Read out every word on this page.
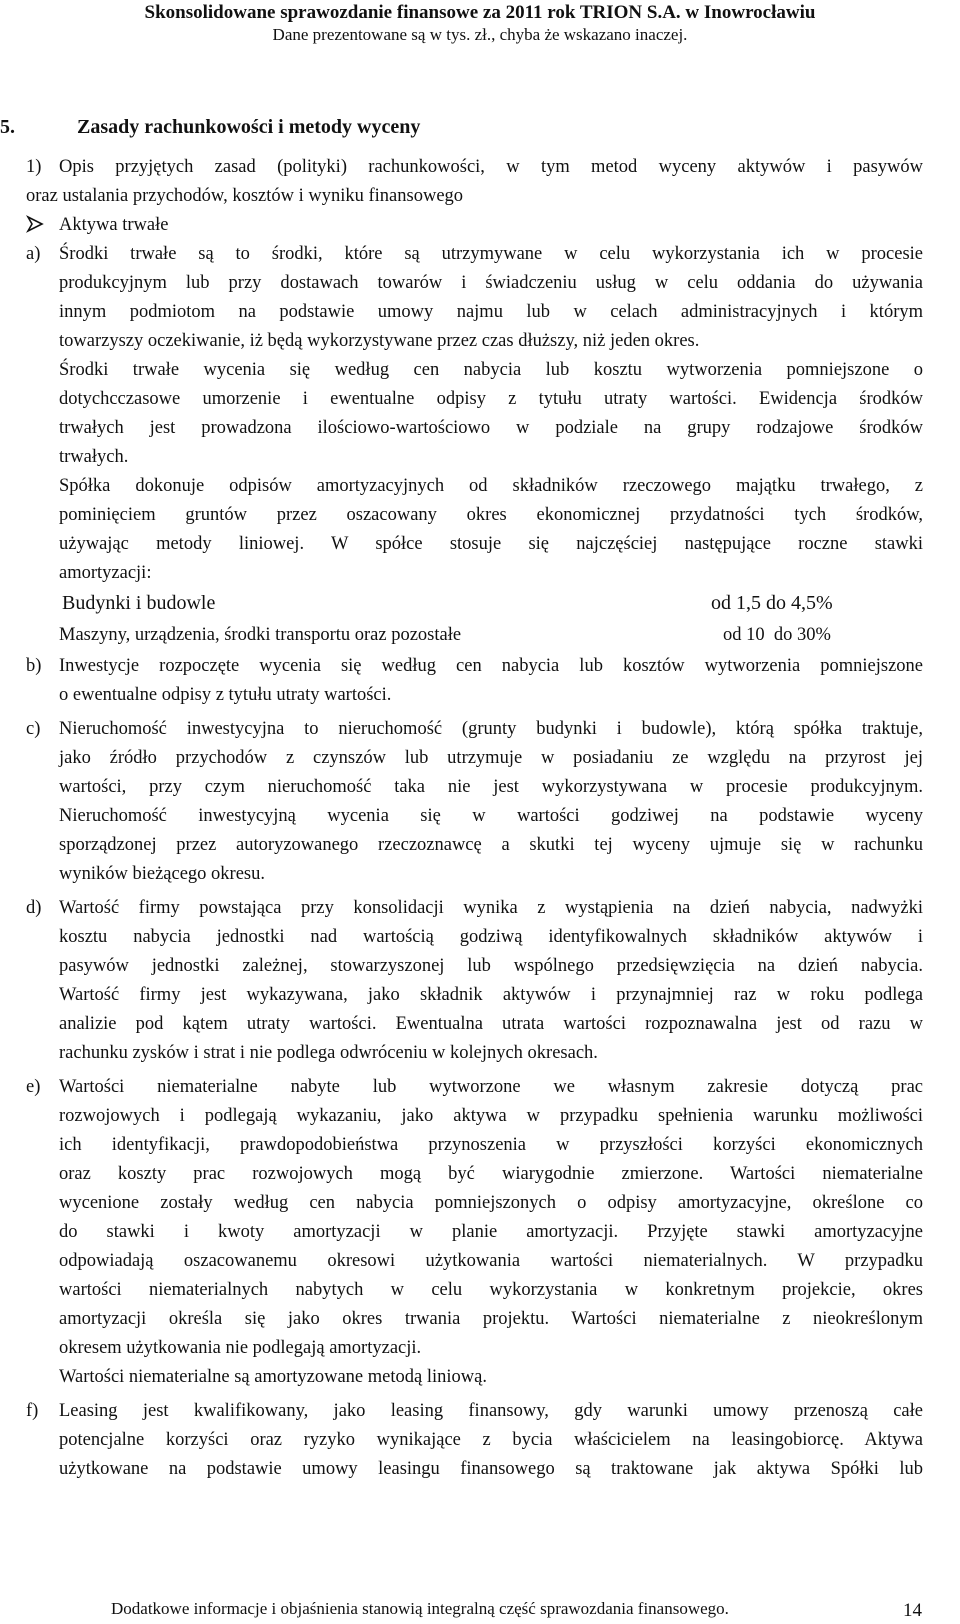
Skonsolidowane sprawozdanie finansowe za 2011 rok TRION S.A. w Inowrocławiu
Dane prezentowane są w tys. zł., chyba że wskazano inaczej.
5.	Zasady rachunkowości i metody wyceny
1) Opis przyjętych zasad (polityki) rachunkowości, w tym metod wyceny aktywów i pasywów
oraz ustalania przychodów, kosztów i wyniku finansowego
Aktywa trwałe
a) Środki trwałe są to środki, które są utrzymywane w celu wykorzystania ich w procesie
produkcyjnym lub przy dostawach towarów i świadczeniu usług w celu oddania do używania
innym podmiotom na podstawie umowy najmu lub w celach administracyjnych i którym
towarzyszy oczekiwanie, iż będą wykorzystywane przez czas dłuższy, niż jeden okres.
Środki trwałe wycenia się według cen nabycia lub kosztu wytworzenia pomniejszone o
dotychcczasowe umorzenie i ewentualne odpisy z tytułu utraty wartości. Ewidencja środków
trwałych jest prowadzona ilościowo-wartościowo w podziale na grupy rodzajowe środków
trwałych.
Spółka dokonuje odpisów amortyzacyjnych od składników rzeczowego majątku trwałego, z
pominięciem gruntów przez oszacowany okres ekonomicznej przydatności tych środków,
używając metody liniowej. W spółce stosuje się najczęściej następujące roczne stawki
amortyzacji:
Budynki i budowle	od 1,5 do 4,5%
Maszyny, urządzenia, środki transportu oraz pozostałe	od 10  do 30%
b) Inwestycje rozpoczęte wycenia się według cen nabycia lub kosztów wytworzenia pomniejszone
o ewentualne odpisy z tytułu utraty wartości.
c) Nieruchomość inwestycyjna to nieruchomość (grunty budynki i budowle), którą spółka traktuje,
jako źródło przychodów z czynszów lub utrzymuje w posiadaniu ze względu na przyrost jej
wartości, przy czym nieruchomość taka nie jest wykorzystywana w procesie produkcyjnym.
Nieruchomość inwestycyjną wycenia się w wartości godziwej na podstawie wyceny
sporządzonej przez autoryzowanego rzeczoznawcę a skutki tej wyceny ujmuje się w rachunku
wyników bieżącego okresu.
d) Wartość firmy powstająca przy konsolidacji wynika z wystąpienia na dzień nabycia, nadwyżki
kosztu nabycia jednostki nad wartością godziwą identyfikowalnych składników aktywów i
pasywów jednostki zależnej, stowarzyszonej lub wspólnego przedsięwzięcia na dzień nabycia.
Wartość firmy jest wykazywana, jako składnik aktywów i przynajmniej raz w roku podlega
analizie pod kątem utraty wartości. Ewentualna utrata wartości rozpoznawalna jest od razu w
rachunku zysków i strat i nie podlega odwróceniu w kolejnych okresach.
e) Wartości niematerialne nabyte lub wytworzone we własnym zakresie dotyczą prac
rozwojowych i podlegają wykazaniu, jako aktywa w przypadku spełnienia warunku możliwości
ich identyfikacji, prawdopodobieństwa przynoszenia w przyszłości korzyści ekonomicznych
oraz koszty prac rozwojowych mogą być wiarygodnie zmierzone. Wartości niematerialne
wycenione zostały według cen nabycia pomniejszonych o odpisy amortyzacyjne, określone co
do stawki i kwoty amortyzacji w planie amortyzacji. Przyjęte stawki amortyzacyjne
odpowiadają oszacowanemu okresowi użytkowania wartości niematerialnych. W przypadku
wartości niematerialnych nabytych w celu wykorzystania w konkretnym projekcie, okres
amortyzacji określa się jako okres trwania projektu. Wartości niematerialne z nieokreślonym
okresem użytkowania nie podlegają amortyzacji.
Wartości niematerialne są amortyzowane metodą liniową.
f) Leasing jest kwalifikowany, jako leasing finansowy, gdy warunki umowy przenoszą całe
potencjalne korzyści oraz ryzyko wynikające z bycia właścicielem na leasingobiorcę. Aktywa
użytkowane na podstawie umowy leasingu finansowego są traktowane jak aktywa Spółki lub
Dodatkowe informacje i objaśnienia stanowią integralną część sprawozdania finansowego.	14
